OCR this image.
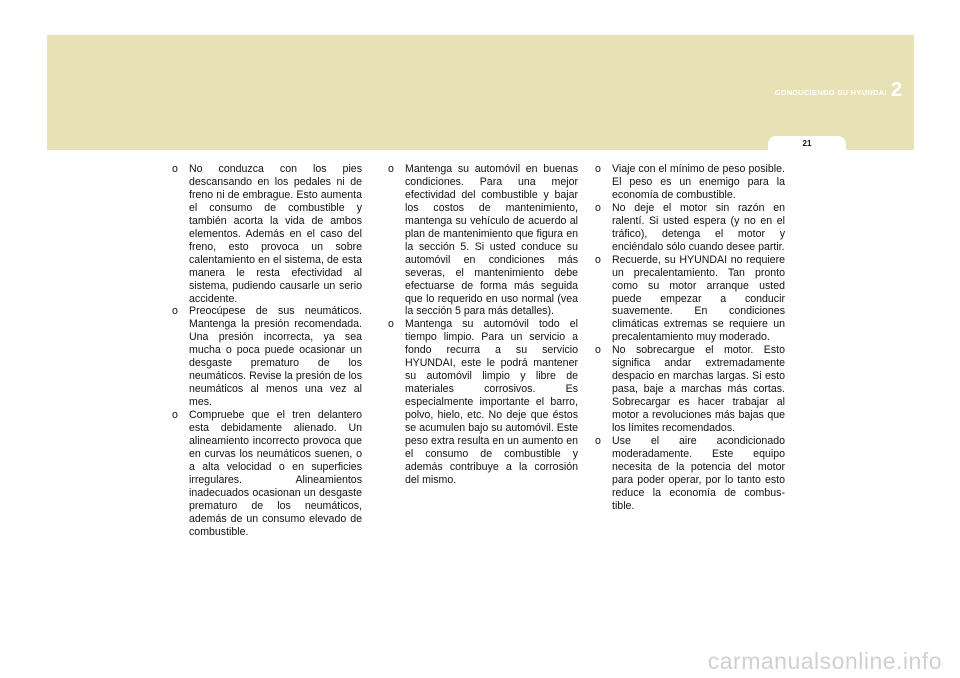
CONDUCIENDO SU HYUNDAI 2
21
o No conduzca con los pies descansando en los pedales ni de freno ni de embrague. Esto aumenta el consumo de combustible y también acorta la vida de ambos elementos. Además en el caso del freno, esto provoca un sobre calentamiento en el sistema, de esta manera le resta efectividad al sistema, pudiendo causarle un serio accidente.
o Preocúpese de sus neumáticos. Mantenga la presión recomendada. Una presión incorrecta, ya sea mucha o poca puede ocasionar un desgaste prematuro de los neumáticos. Revise la presión de los neumáticos al menos una vez al mes.
o Compruebe que el tren delantero esta debidamente alienado. Un alineamiento incorrecto provoca que en curvas los neumáticos suenen, o a alta velocidad o en superficies irregulares. Alineamientos inadecuados ocasionan un desgaste prematuro de los neumáticos, además de un consumo elevado de combustible.
o Mantenga su automóvil en buenas condiciones. Para una mejor efectividad del combustible y bajar los costos de mantenimiento, mantenga su vehículo de acuerdo al plan de mantenimiento que figura en la sección 5. Si usted conduce su automóvil en condiciones más severas, el mantenimiento debe efectuarse de forma más seguida que lo requerido en uso normal (vea la sección 5 para más detalles).
o Mantenga su automóvil todo el tiempo limpio. Para un servicio a fondo recurra a su servicio HYUNDAI, este le podrá mantener su automóvil limpio y libre de materiales corrosivos. Es especialmente importante el barro, polvo, hielo, etc. No deje que éstos se acumulen bajo su automóvil. Este peso extra resulta en un aumento en el consumo de combustible y además contribuye a la corrosión del mismo.
o Viaje con el mínimo de peso posible. El peso es un enemigo para la economía de combustible.
o No deje el motor sin razón en ralentí. Si usted espera (y no en el tráfico), detenga el motor y enciéndalo sólo cuando desee partir.
o Recuerde, su HYUNDAI no requiere un precalentamiento. Tan pronto como su motor arranque usted puede empezar a conducir suavemente. En condiciones climáticas extremas se requiere un precalentamiento muy moderado.
o No sobrecargue el motor. Esto significa andar extremadamente despacio en marchas largas. Si esto pasa, baje a marchas más cortas. Sobrecargar es hacer trabajar al motor a revoluciones más bajas que los límites recomendados.
o Use el aire acondicionado moderadamente. Este equipo necesita de la potencia del motor para poder operar, por lo tanto esto reduce la economía de combus-tible.
carmanualsonline.info
